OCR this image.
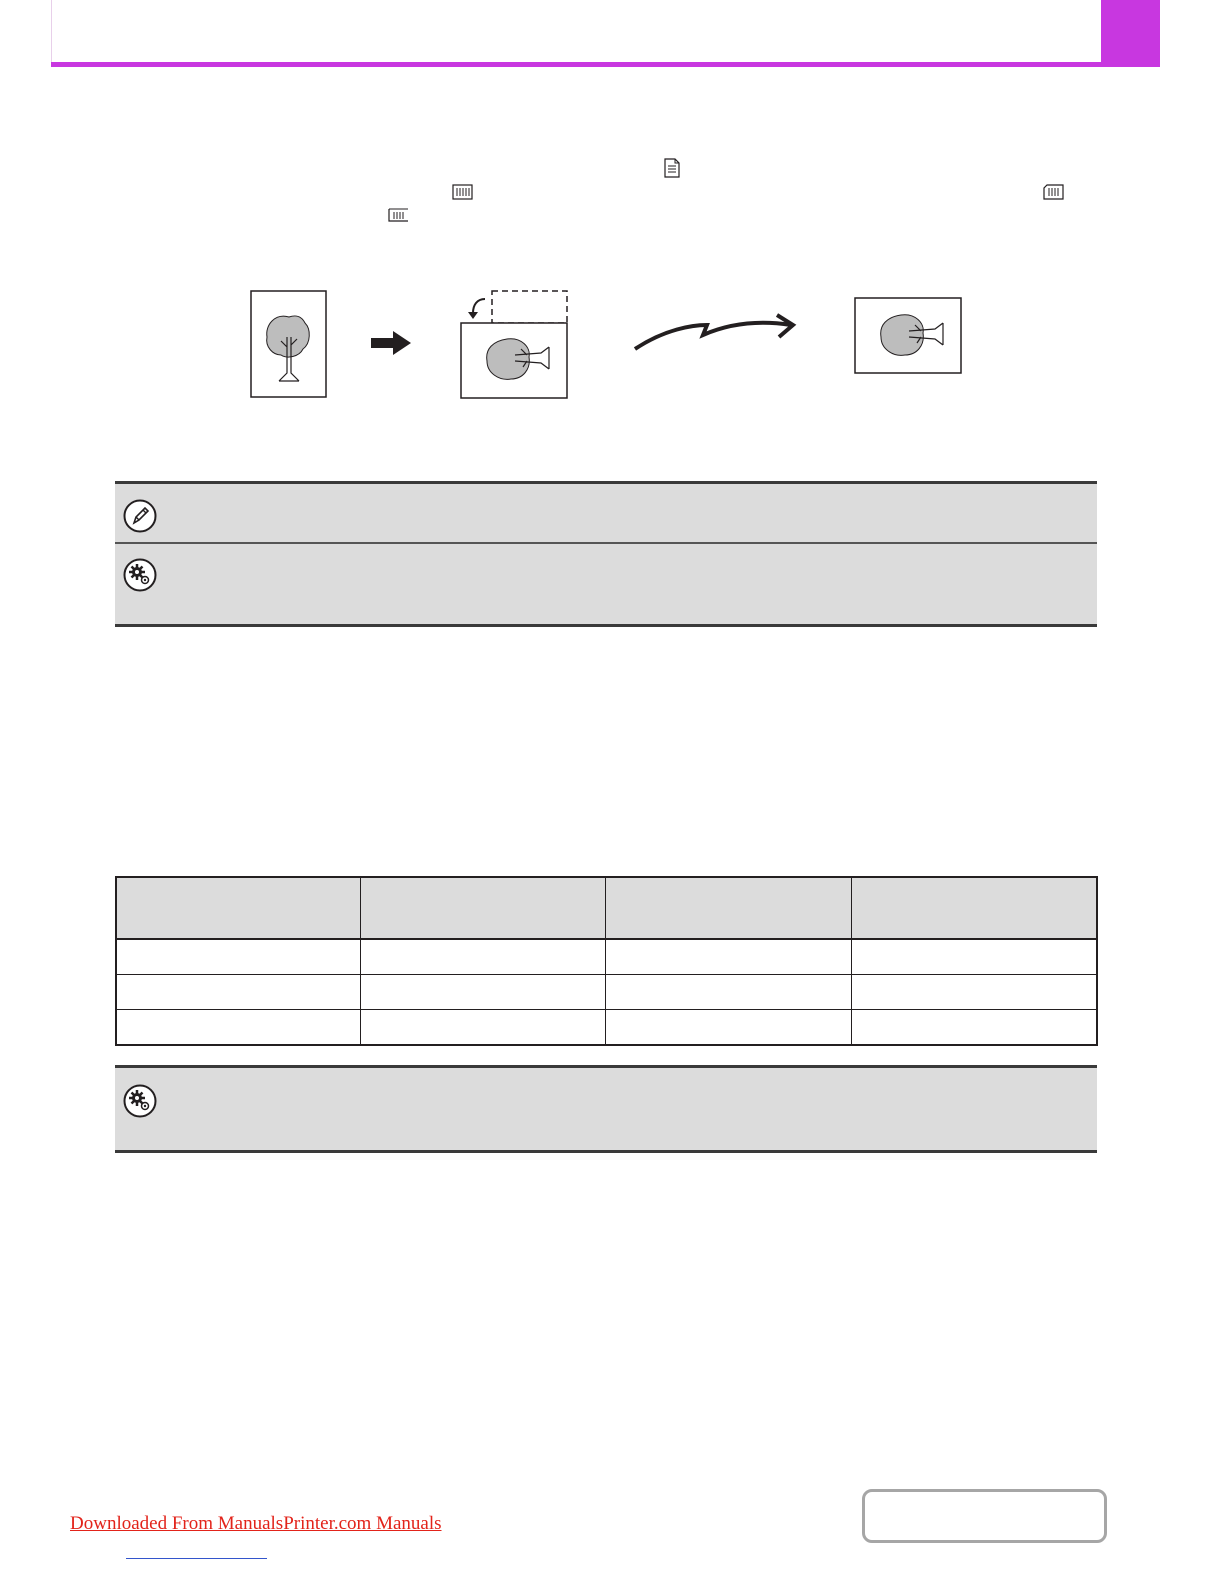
Downloaded From ManualsPrinter.com Manuals
